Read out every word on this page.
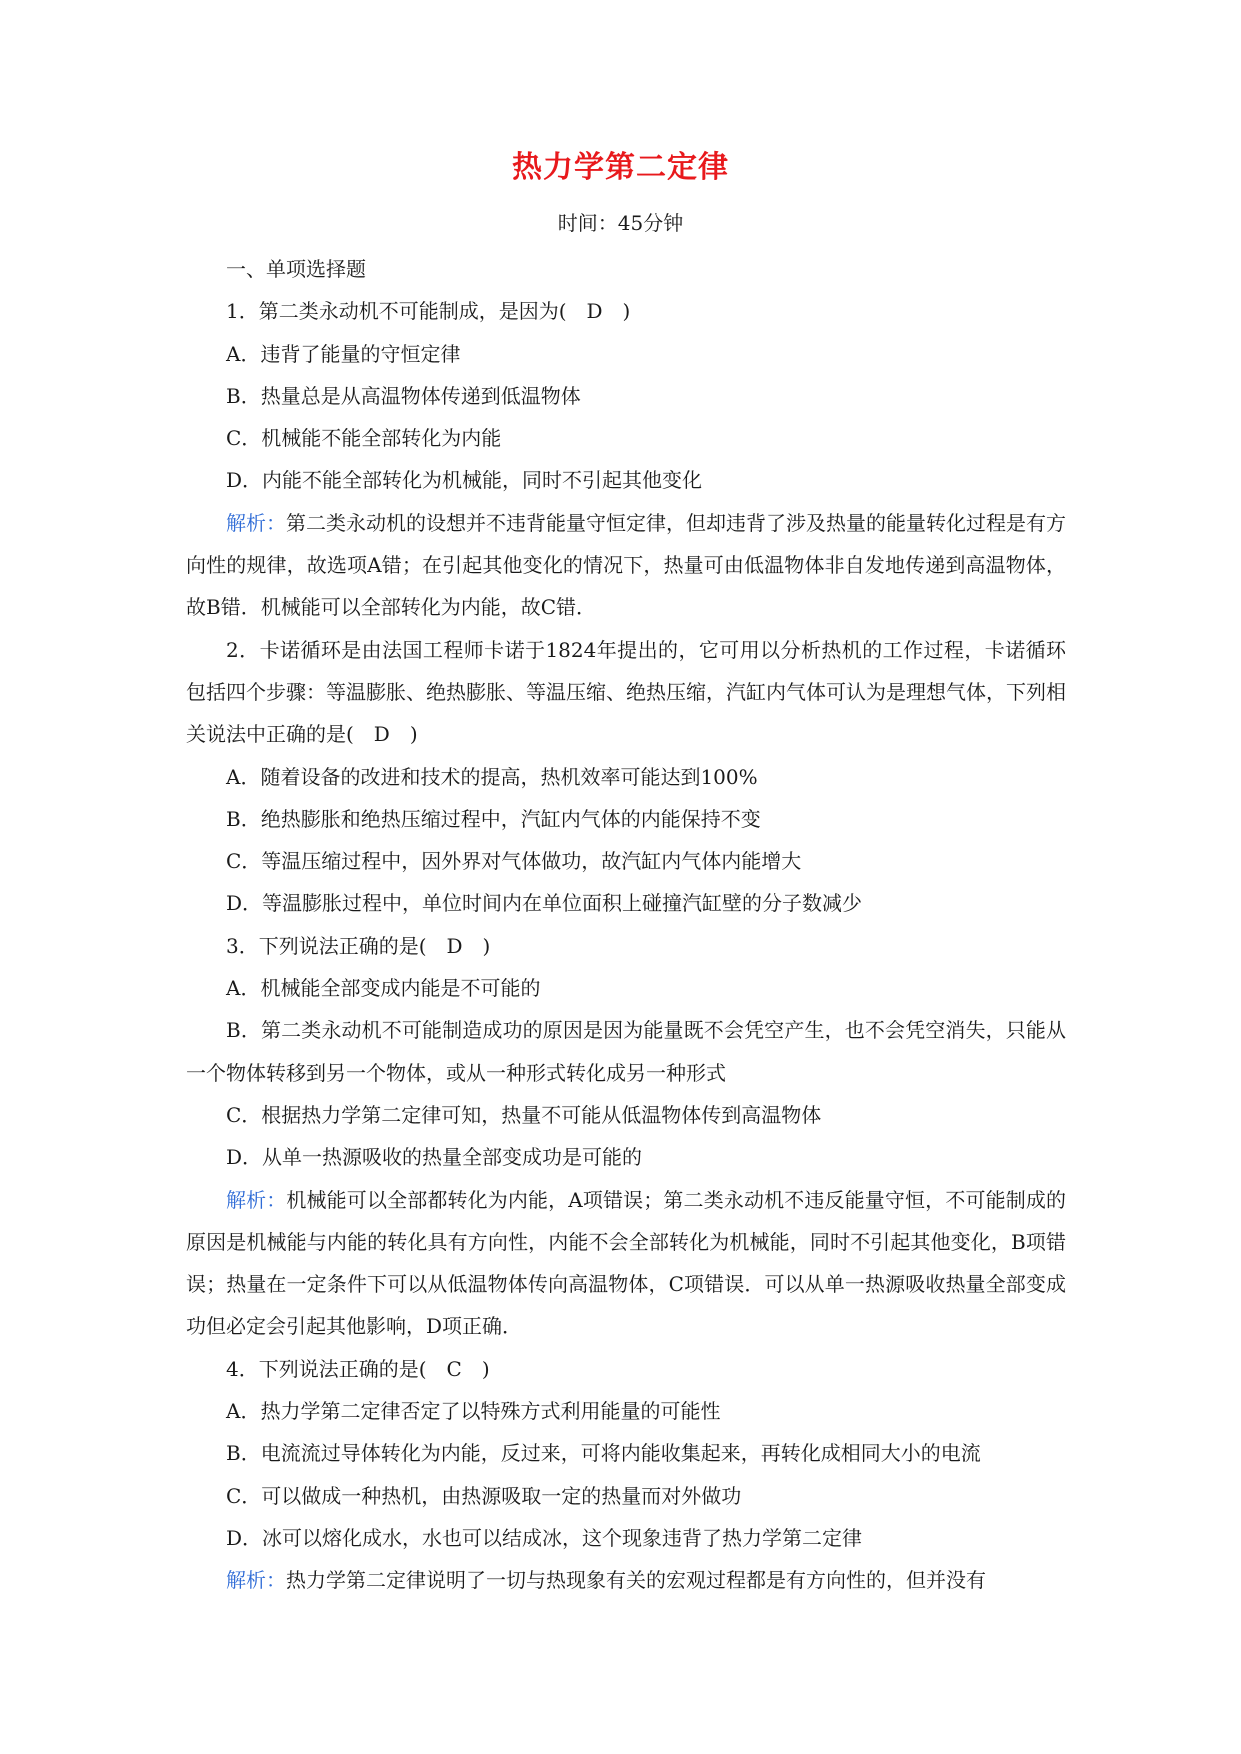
热力学第二定律
时间：45分钟

一、单项选择题

1．第二类永动机不可能制成，是因为(　D　)

A．违背了能量的守恒定律

B．热量总是从高温物体传递到低温物体

C．机械能不能全部转化为内能

D．内能不能全部转化为机械能，同时不引起其他变化

解析：第二类永动机的设想并不违背能量守恒定律，但却违背了涉及热量的能量转化过程是有方向性的规律，故选项A错；在引起其他变化的情况下，热量可由低温物体非自发地传递到高温物体，故B错．机械能可以全部转化为内能，故C错．

2．卡诺循环是由法国工程师卡诺于1824年提出的，它可用以分析热机的工作过程，卡诺循环包括四个步骤：等温膨胀、绝热膨胀、等温压缩、绝热压缩，汽缸内气体可认为是理想气体，下列相关说法中正确的是(　D　)

A．随着设备的改进和技术的提高，热机效率可能达到100%

B．绝热膨胀和绝热压缩过程中，汽缸内气体的内能保持不变

C．等温压缩过程中，因外界对气体做功，故汽缸内气体内能增大

D．等温膨胀过程中，单位时间内在单位面积上碰撞汽缸壁的分子数减少

3．下列说法正确的是(　D　)

A．机械能全部变成内能是不可能的

B．第二类永动机不可能制造成功的原因是因为能量既不会凭空产生，也不会凭空消失，只能从一个物体转移到另一个物体，或从一种形式转化成另一种形式

C．根据热力学第二定律可知，热量不可能从低温物体传到高温物体

D．从单一热源吸收的热量全部变成功是可能的

解析：机械能可以全部都转化为内能，A项错误；第二类永动机不违反能量守恒，不可能制成的原因是机械能与内能的转化具有方向性，内能不会全部转化为机械能，同时不引起其他变化，B项错误；热量在一定条件下可以从低温物体传向高温物体，C项错误．可以从单一热源吸收热量全部变成功但必定会引起其他影响，D项正确．

4．下列说法正确的是(　C　)

A．热力学第二定律否定了以特殊方式利用能量的可能性

B．电流流过导体转化为内能，反过来，可将内能收集起来，再转化成相同大小的电流

C．可以做成一种热机，由热源吸取一定的热量而对外做功

D．冰可以熔化成水，水也可以结成冰，这个现象违背了热力学第二定律

解析：热力学第二定律说明了一切与热现象有关的宏观过程都是有方向性的，但并没有
